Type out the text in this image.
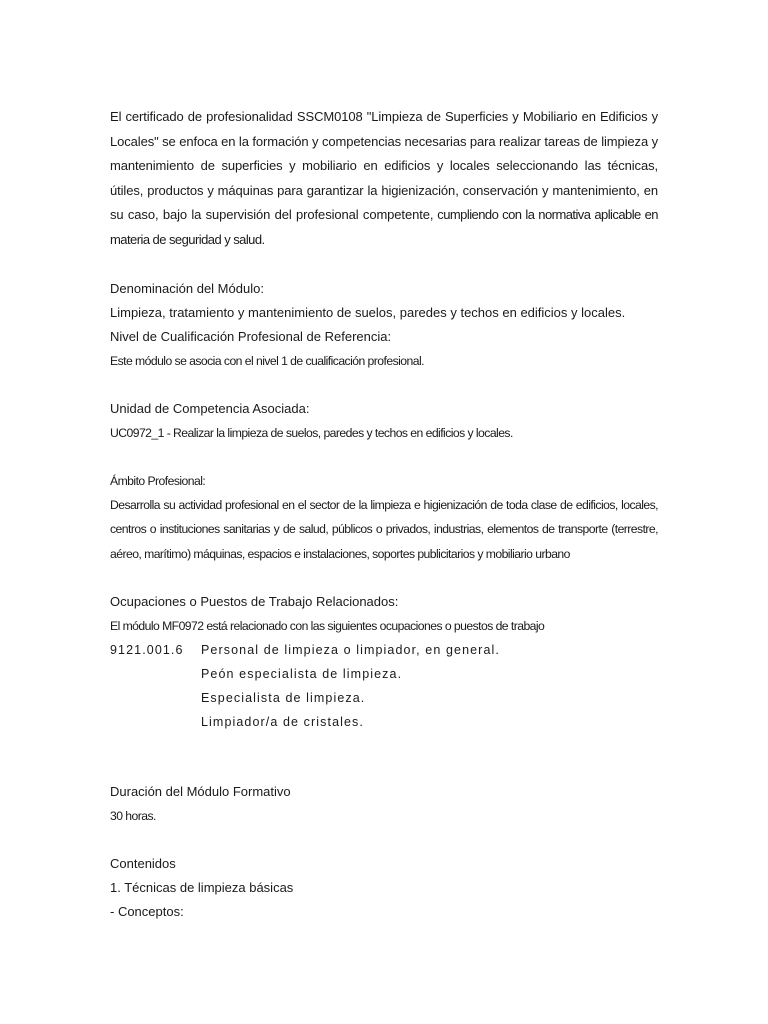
El certificado de profesionalidad SSCM0108 "Limpieza de Superficies y Mobiliario en Edificios y Locales" se enfoca en la formación y competencias necesarias para realizar tareas de limpieza y mantenimiento de superficies y mobiliario en edificios y locales seleccionando las técnicas, útiles, productos y máquinas para garantizar la higienización, conservación y mantenimiento, en su caso, bajo la supervisión del profesional competente, cumpliendo con la normativa aplicable en materia de seguridad y salud.

Denominación del Módulo:

Limpieza, tratamiento y mantenimiento de suelos, paredes y techos en edificios y locales.

Nivel de Cualificación Profesional de Referencia:

Este módulo se asocia con el nivel 1 de cualificación profesional.

Unidad de Competencia Asociada:

UC0972_1 - Realizar la limpieza de suelos, paredes y techos en edificios y locales.

Ámbito Profesional:

Desarrolla su actividad profesional en el sector de la limpieza e higienización de toda clase de edificios, locales, centros o instituciones sanitarias y de salud, públicos o privados, industrias, elementos de transporte (terrestre, aéreo, marítimo) máquinas, espacios e instalaciones, soportes publicitarios y mobiliario urbano

Ocupaciones o Puestos de Trabajo Relacionados:

El módulo MF0972 está relacionado con las siguientes ocupaciones o puestos de trabajo

9121.001.6	Personal de limpieza o limpiador, en general.
Peón especialista de limpieza.
Especialista de limpieza.
Limpiador/a de cristales.

Duración del Módulo Formativo

30 horas.

Contenidos

1. Técnicas de limpieza básicas

- Conceptos:
